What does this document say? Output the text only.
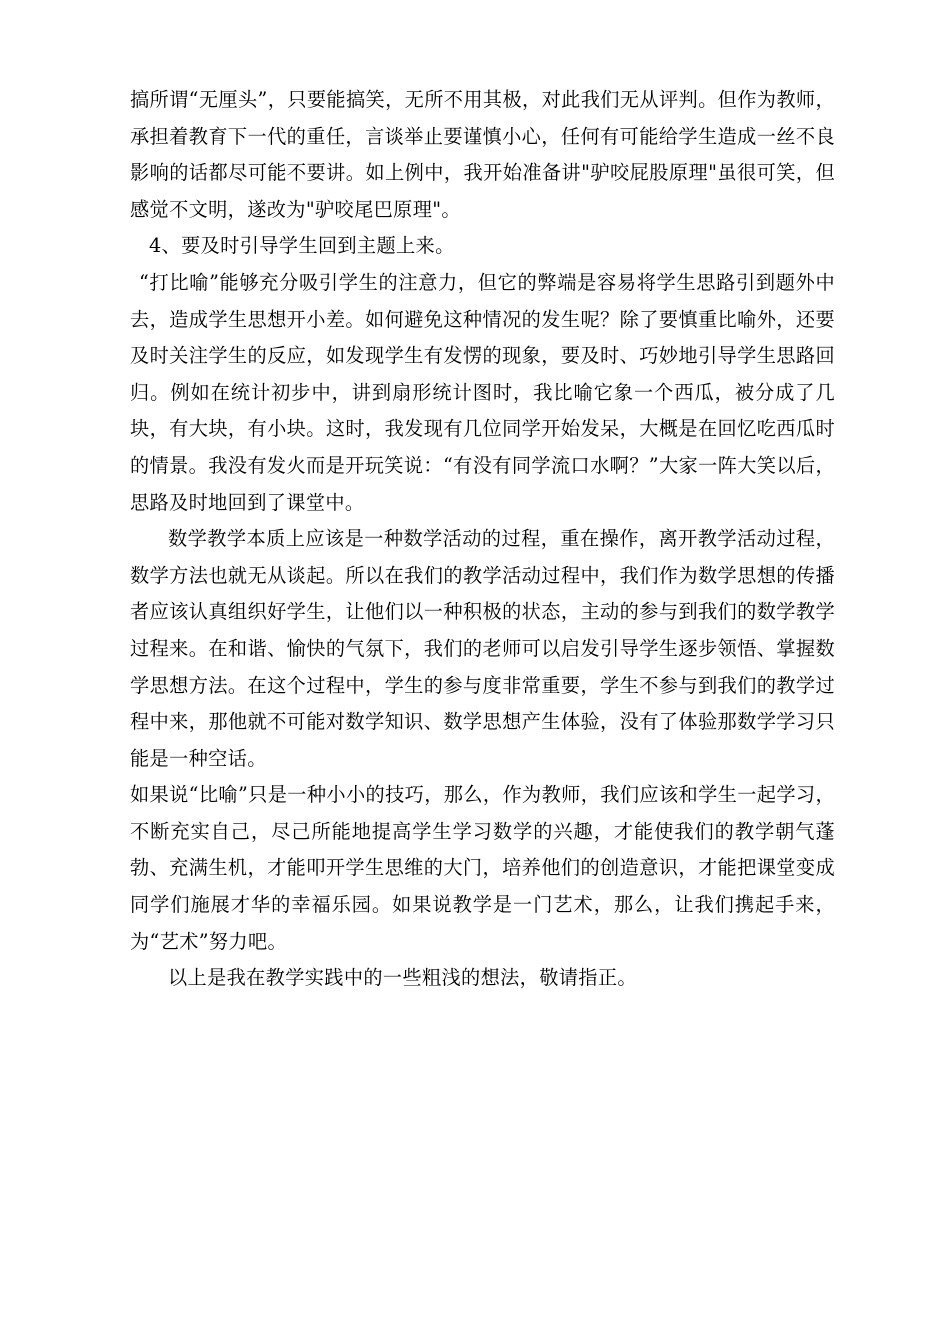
搞所谓“无厘头”，只要能搞笑，无所不用其极，对此我们无从评判。但作为教师，承担着教育下一代的重任，言谈举止要谨慎小心，任何有可能给学生造成一丝不良影响的话都尽可能不要讲。如上例中，我开始准备讲"驴咬屁股原理"虽很可笑，但感觉不文明，遂改为"驴咬尾巴原理"。

4、要及时引导学生回到主题上来。

“打比喻”能够充分吸引学生的注意力，但它的弊端是容易将学生思路引到题外中去，造成学生思想开小差。如何避免这种情况的发生呢？除了要慎重比喻外，还要及时关注学生的反应，如发现学生有发愣的现象，要及时、巧妙地引导学生思路回归。例如在统计初步中，讲到扇形统计图时，我比喻它象一个西瓜，被分成了几块，有大块，有小块。这时，我发现有几位同学开始发呆，大概是在回忆吃西瓜时的情景。我没有发火而是开玩笑说：“有没有同学流口水啊？”大家一阵大笑以后，思路及时地回到了课堂中。

数学教学本质上应该是一种数学活动的过程，重在操作，离开教学活动过程，数学方法也就无从谈起。所以在我们的教学活动过程中，我们作为数学思想的传播者应该认真组织好学生，让他们以一种积极的状态，主动的参与到我们的数学教学过程来。在和谐、愉快的气氛下，我们的老师可以启发引导学生逐步领悟、掌握数学思想方法。在这个过程中，学生的参与度非常重要，学生不参与到我们的教学过程中来，那他就不可能对数学知识、数学思想产生体验，没有了体验那数学学习只能是一种空话。

如果说“比喻”只是一种小小的技巧，那么，作为教师，我们应该和学生一起学习，不断充实自己，尽己所能地提高学生学习数学的兴趣，才能使我们的教学朝气蓬勃、充满生机，才能叩开学生思维的大门，培养他们的创造意识，才能把课堂变成同学们施展才华的幸福乐园。如果说教学是一门艺术，那么，让我们携起手来，为“艺术”努力吧。

以上是我在教学实践中的一些粗浅的想法，敬请指正。
